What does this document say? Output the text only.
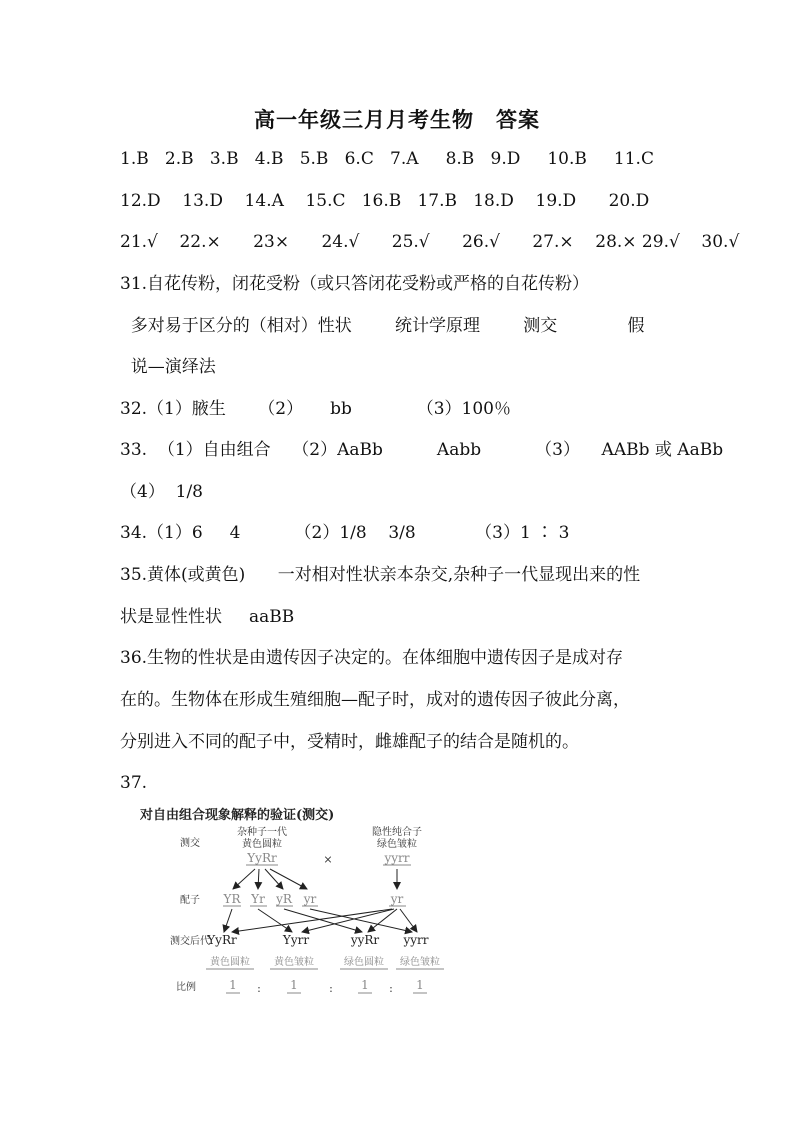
高一年级三月月考生物　答案
1.B   2.B   3.B   4.B   5.B   6.C   7.A     8.B   9.D     10.B     11.C
12.D    13.D    14.A    15.C   16.B   17.B   18.D    19.D      20.D
21.√    22.×      23×      24.√      25.√      26.√      27.×    28.× 29.√    30.√
31.自花传粉，闭花受粉（或只答闭花受粉或严格的自花传粉）
多对易于区分的（相对）性状        统计学原理        测交             假
说—演绎法
32.（1）腋生      （2）     bb            （3）100％
33.  （1）自由组合    （2）AaBb          Aabb          （3）    AABb 或 AaBb
（4）  1/8
34.（1）6     4          （2）1/8    3/8           （3）1 ∶ 3
35.黄体(或黄色)      一对相对性状亲本杂交,杂种子一代显现出来的性
状是显性性状     aaBB
36.生物的性状是由遗传因子决定的。在体细胞中遗传因子是成对存
在的。生物体在形成生殖细胞—配子时，成对的遗传因子彼此分离，
分别进入不同的配子中，受精时，雌雄配子的结合是随机的。
37.
对自由组合现象解释的验证(测交)
测交
杂种子一代
黄色圆粒
YyRr	×
隐性纯合子
绿色皱粒
yyrr
配子 YR Yr yR yr	yr
测交后代
YyRr	Yyrr	yyRr yyrr
黄色圆粒 黄色皱粒	绿色圆粒 绿色皱粒
比例	1 : 1	: 1 : 1
